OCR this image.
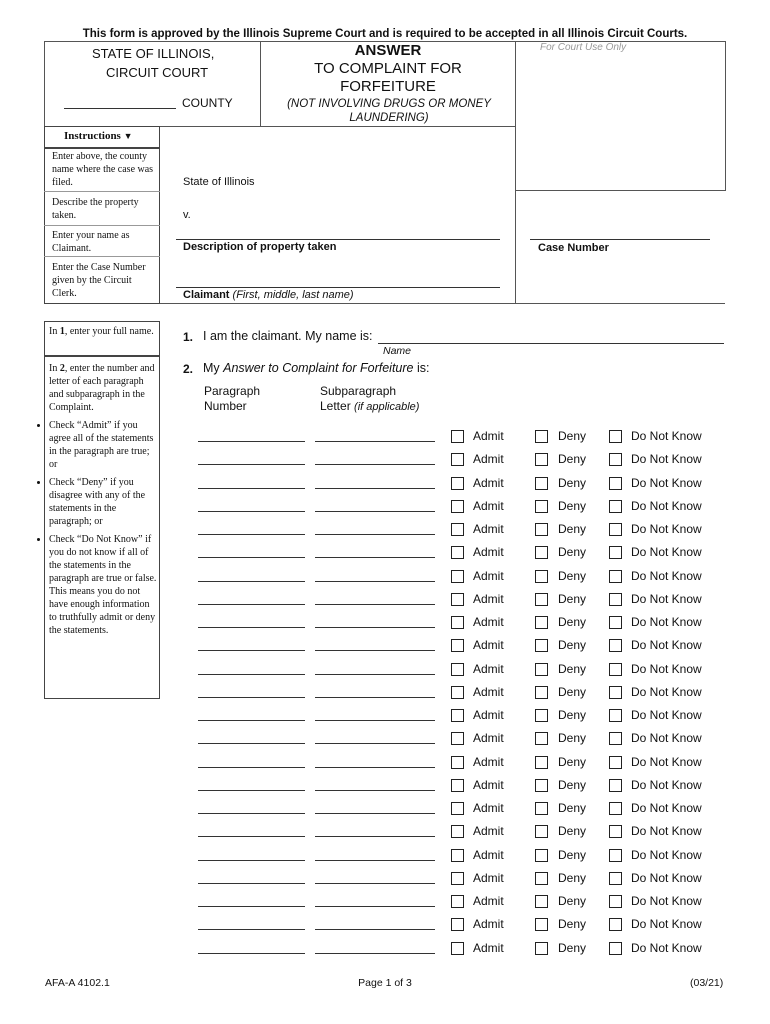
This form is approved by the Illinois Supreme Court and is required to be accepted in all Illinois Circuit Courts.
STATE OF ILLINOIS,
CIRCUIT COURT
COUNTY
ANSWER
TO COMPLAINT FOR
FORFEITURE
(NOT INVOLVING DRUGS OR MONEY LAUNDERING)
For Court Use Only
Instructions ▼
Enter above, the county name where the case was filed.
Describe the property taken.
Enter your name as Claimant.
Enter the Case Number given by the Circuit Clerk.
State of Illinois
v.
Description of property taken
Claimant (First, middle, last name)
Case Number
In 1, enter your full name.
In 2, enter the number and letter of each paragraph and subparagraph in the Complaint.
• Check “Admit” if you agree all of the statements in the paragraph are true; or
• Check “Deny” if you disagree with any of the statements in the paragraph; or
• Check “Do Not Know” if you do not know if all of the statements in the paragraph are true or false. This means you do not have enough information to truthfully admit or deny the statements.
1. I am the claimant. My name is:
Name
2. My Answer to Complaint for Forfeiture is:
Paragraph
Number
Subparagraph
Letter (if applicable)
Admit	Deny	Do Not Know
Admit	Deny	Do Not Know
Admit	Deny	Do Not Know
Admit	Deny	Do Not Know
Admit	Deny	Do Not Know
Admit	Deny	Do Not Know
Admit	Deny	Do Not Know
Admit	Deny	Do Not Know
Admit	Deny	Do Not Know
Admit	Deny	Do Not Know
Admit	Deny	Do Not Know
Admit	Deny	Do Not Know
Admit	Deny	Do Not Know
Admit	Deny	Do Not Know
Admit	Deny	Do Not Know
Admit	Deny	Do Not Know
Admit	Deny	Do Not Know
Admit	Deny	Do Not Know
Admit	Deny	Do Not Know
Admit	Deny	Do Not Know
Admit	Deny	Do Not Know
Admit	Deny	Do Not Know
Admit	Deny	Do Not Know
AFA-A 4102.1	Page 1 of 3	(03/21)
